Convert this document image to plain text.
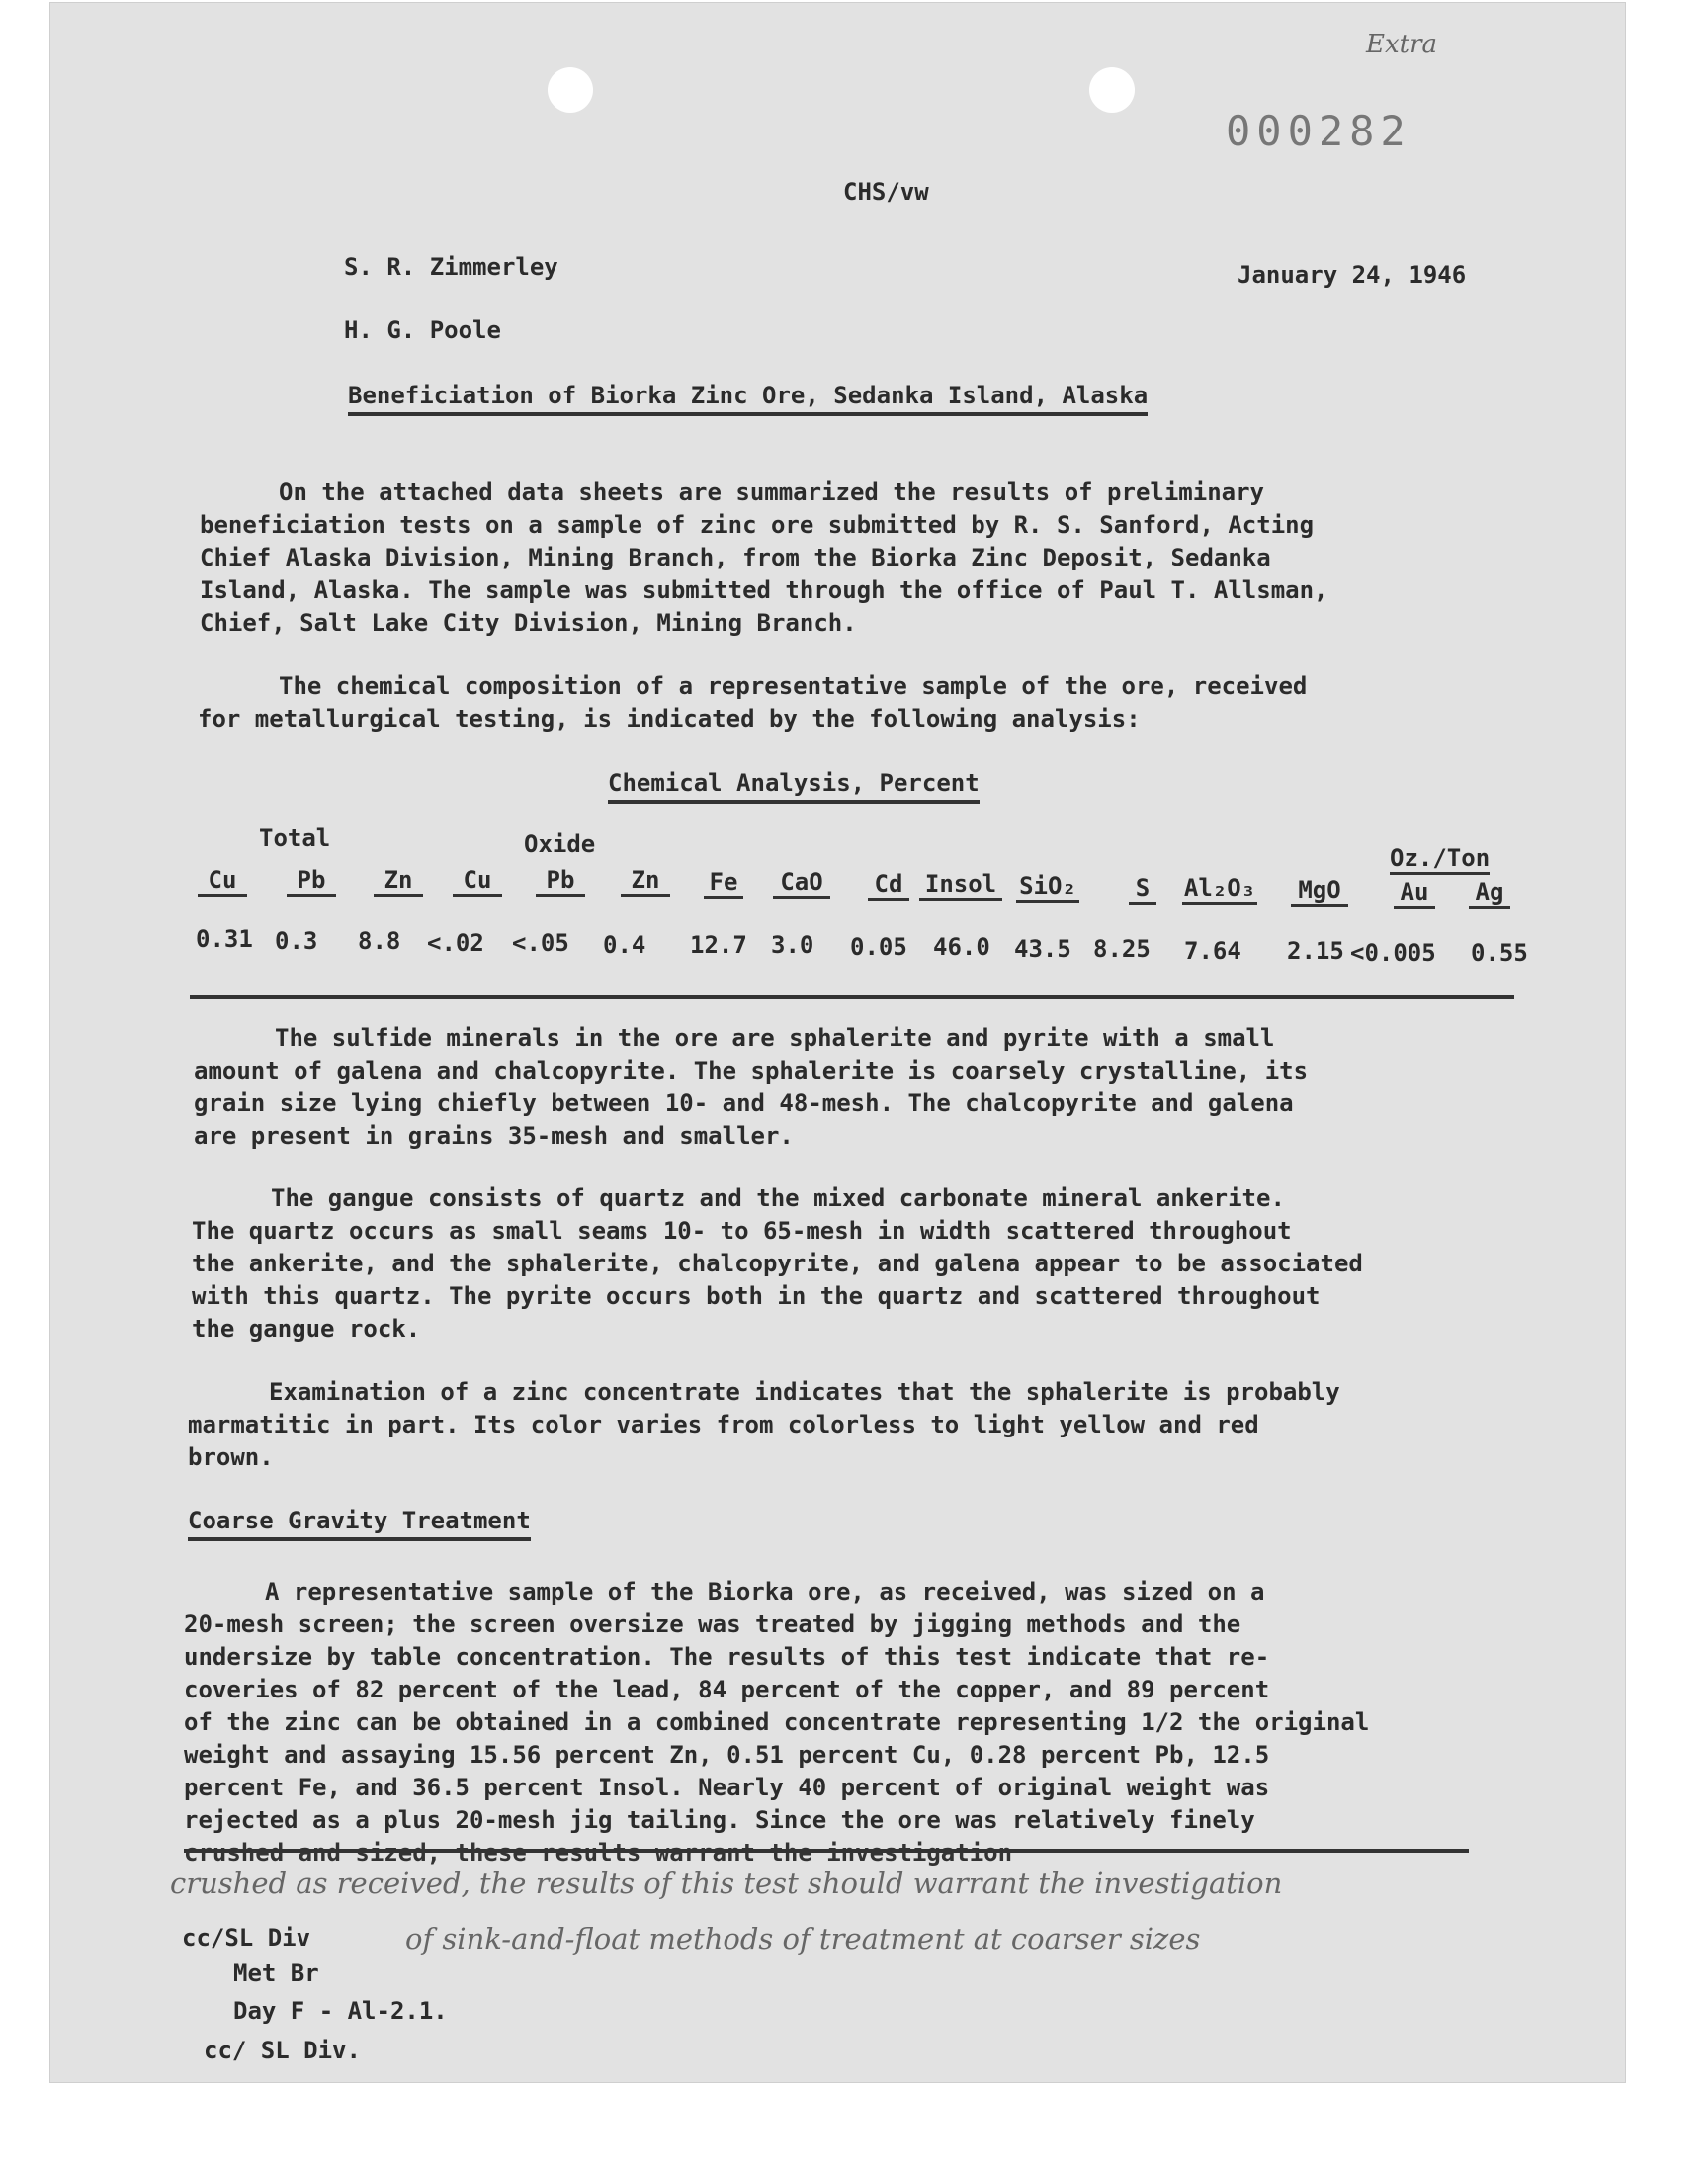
Extra
000282
CHS/vw
S. R. Zimmerley	January 24, 1946
H. G. Poole
Beneficiation of Biorka Zinc Ore, Sedanka Island, Alaska
On the attached data sheets are summarized the results of preliminary
beneficiation tests on a sample of zinc ore submitted by R. S. Sanford, Acting
Chief Alaska Division, Mining Branch, from the Biorka Zinc Deposit, Sedanka
Island, Alaska. The sample was submitted through the office of Paul T. Allsman,
Chief, Salt Lake City Division, Mining Branch.
The chemical composition of a representative sample of the ore, received
for metallurgical testing, is indicated by the following analysis:
Chemical Analysis, Percent
Total	Oxide	Oz./Ton
Cu	Pb	Zn	Cu	Pb	Zn	Fe	CaO	Cd Insol SiO₂ S Al₂O₃	MgO	Au Ag
0.31 0.3 8.8 <.02 <.05 0.4 12.7 3.0 0.05 46.0 43.5 8.25 7.64 2.15 <0.005 0.55
The sulfide minerals in the ore are sphalerite and pyrite with a small
amount of galena and chalcopyrite. The sphalerite is coarsely crystalline, its
grain size lying chiefly between 10- and 48-mesh. The chalcopyrite and galena
are present in grains 35-mesh and smaller.
The gangue consists of quartz and the mixed carbonate mineral ankerite.
The quartz occurs as small seams 10- to 65-mesh in width scattered throughout
the ankerite, and the sphalerite, chalcopyrite, and galena appear to be associated
with this quartz. The pyrite occurs both in the quartz and scattered throughout
the gangue rock.
Examination of a zinc concentrate indicates that the sphalerite is probably
marmatitic in part. Its color varies from colorless to light yellow and red
brown.
Coarse Gravity Treatment
A representative sample of the Biorka ore, as received, was sized on a
20-mesh screen; the screen oversize was treated by jigging methods and the
undersize by table concentration. The results of this test indicate that re-
coveries of 82 percent of the lead, 84 percent of the copper, and 89 percent
of the zinc can be obtained in a combined concentrate representing 1/2 the original
weight and assaying 15.56 percent Zn, 0.51 percent Cu, 0.28 percent Pb, 12.5
percent Fe, and 36.5 percent Insol. Nearly 40 percent of original weight was
rejected as a plus 20-mesh jig tailing. Since the ore was relatively finely
crushed and sized, these results warrant the investigation
crushed as received, the results of this test should warrant the investigation
of sink-and-float methods of treatment at coarser sizes
cc/SL Div
Met Br
Day F - Al-2.1.
cc/ SL Div.
